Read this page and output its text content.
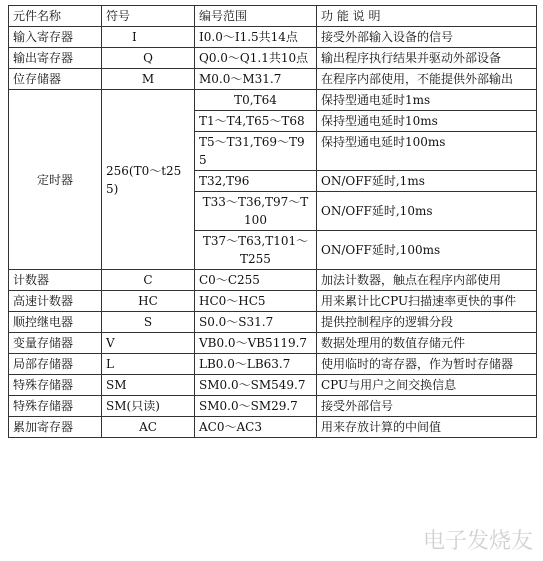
元件名称	符号	编号范围	功 能 说 明
输入寄存器	I	I0.0～I1.5共14点	接受外部输入设备的信号
输出寄存器	Q	Q0.0～Q1.1共10点	输出程序执行结果并驱动外部设备
位存储器	M	M0.0～M31.7	在程序内部使用，不能提供外部输出
定时器	256(T0～t255)	T0,T64	保持型通电延时1ms
		T1～T4,T65～T68	保持型通电延时10ms
		T5～T31,T69～T95	保持型通电延时100ms
		T32,T96	ON/OFF延时,1ms
		T33～T36,T97～T100	ON/OFF延时,10ms
		T37～T63,T101～T255	ON/OFF延时,100ms
计数器	C	C0～C255	加法计数器，触点在程序内部使用
高速计数器	HC	HC0～HC5	用来累计比CPU扫描速率更快的事件
顺控继电器	S	S0.0～S31.7	提供控制程序的逻辑分段
变量存储器	V	VB0.0～VB5119.7	数据处理用的数值存储元件
局部存储器	L	LB0.0～LB63.7	使用临时的寄存器，作为暂时存储器
特殊存储器	SM	SM0.0～SM549.7	CPU与用户之间交换信息
特殊存储器	SM(只读)	SM0.0～SM29.7	接受外部信号
累加寄存器	AC	AC0～AC3	用来存放计算的中间值
电子发烧友
